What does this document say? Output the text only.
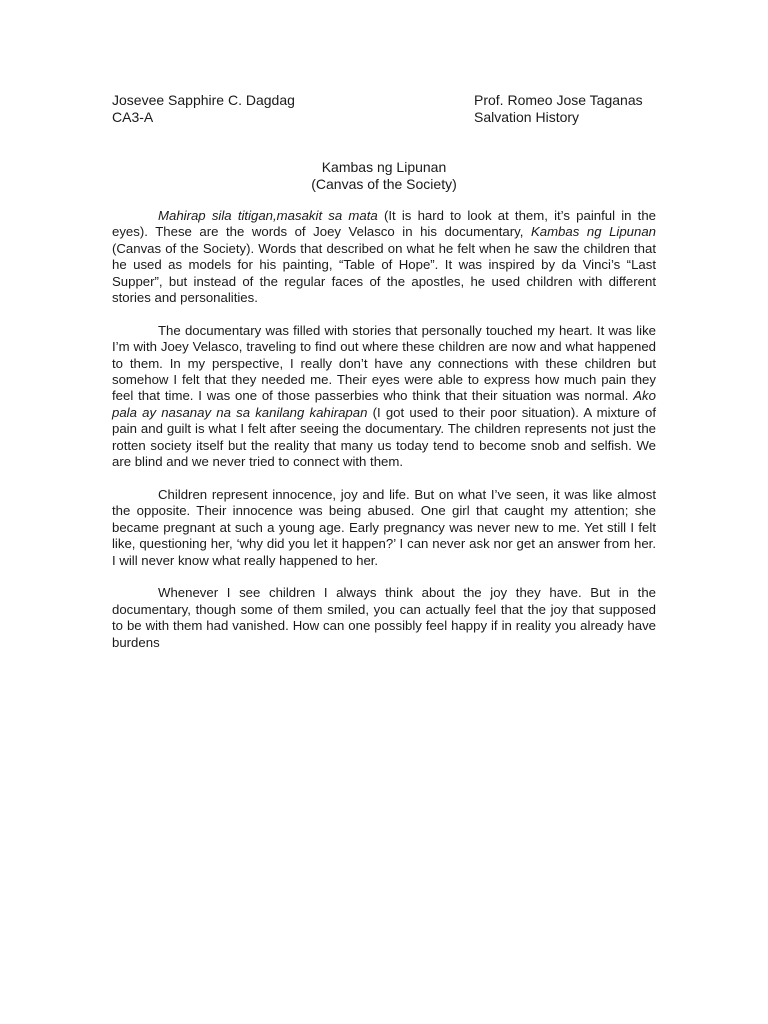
Josevee Sapphire C. Dagdag
CA3-A
Prof. Romeo Jose Taganas
Salvation History
Kambas ng Lipunan
(Canvas of the Society)

Mahirap sila titigan,masakit sa mata (It is hard to look at them, it’s painful in the eyes). These are the words of Joey Velasco in his documentary, Kambas ng Lipunan (Canvas of the Society). Words that described on what he felt when he saw the children that he used as models for his painting, “Table of Hope”. It was inspired by da Vinci’s “Last Supper”, but instead of the regular faces of the apostles, he used children with different stories and personalities.

The documentary was filled with stories that personally touched my heart. It was like I’m with Joey Velasco, traveling to find out where these children are now and what happened to them. In my perspective, I really don’t have any connections with these children but somehow I felt that they needed me. Their eyes were able to express how much pain they feel that time. I was one of those passerbies who think that their situation was normal. Ako pala ay nasanay na sa kanilang kahirapan (I got used to their poor situation). A mixture of pain and guilt is what I felt after seeing the documentary. The children represents not just the rotten society itself but the reality that many us today tend to become snob and selfish. We are blind and we never tried to connect with them.

Children represent innocence, joy and life. But on what I’ve seen, it was like almost the opposite. Their innocence was being abused. One girl that caught my attention; she became pregnant at such a young age. Early pregnancy was never new to me. Yet still I felt like, questioning her, ‘why did you let it happen?’ I can never ask nor get an answer from her. I will never know what really happened to her.

Whenever I see children I always think about the joy they have. But in the documentary, though some of them smiled, you can actually feel that the joy that supposed to be with them had vanished. How can one possibly feel happy if in reality you already have burdens
